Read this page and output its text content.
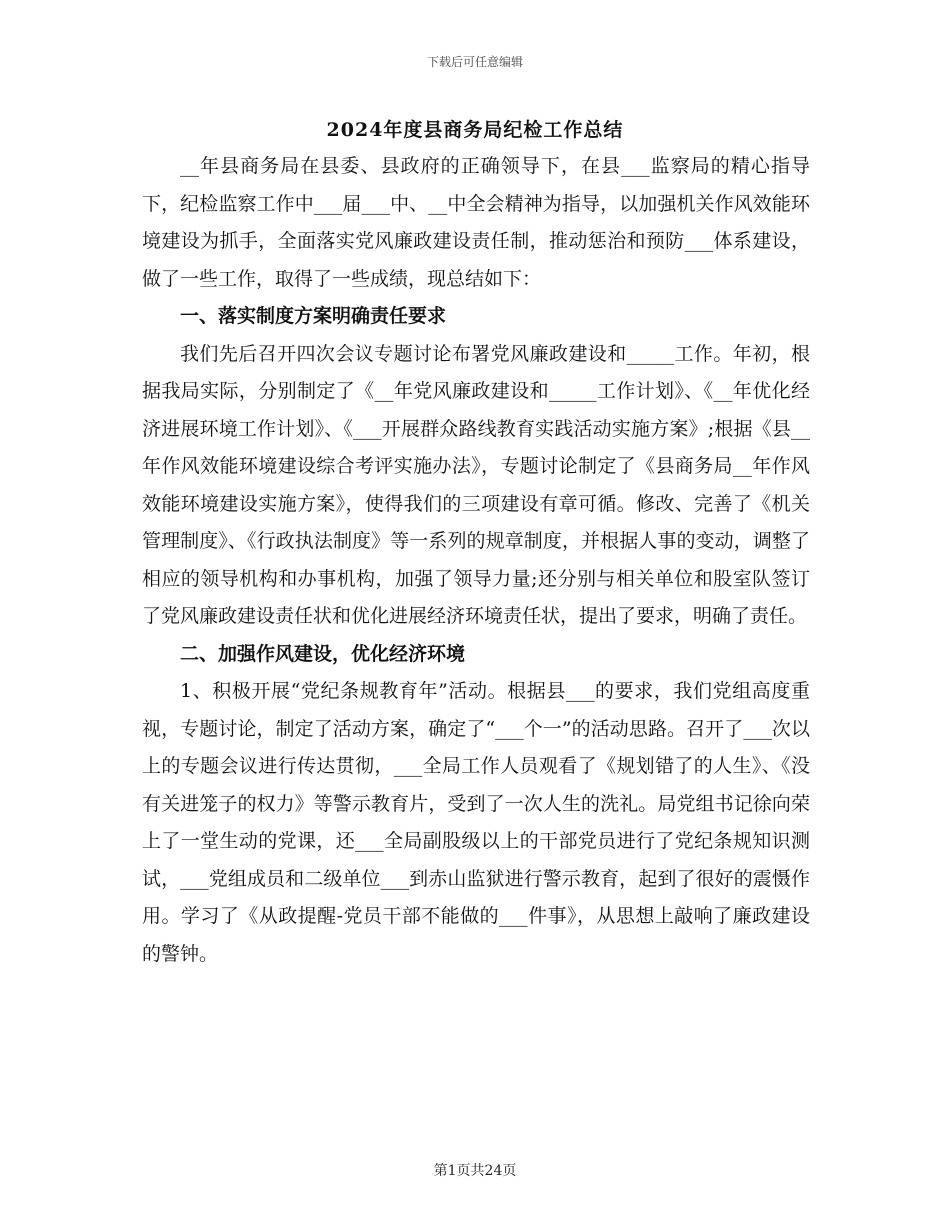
下载后可任意编辑
2024年度县商务局纪检工作总结

__年县商务局在县委、县政府的正确领导下，在县___监察局的精心指导下，纪检监察工作中___届___中、__中全会精神为指导，以加强机关作风效能环境建设为抓手，全面落实党风廉政建设责任制，推动惩治和预防___体系建设，做了一些工作，取得了一些成绩，现总结如下：

一、落实制度方案明确责任要求

我们先后召开四次会议专题讨论布署党风廉政建设和_____工作。年初，根据我局实际，分别制定了《__年党风廉政建设和_____工作计划》、《__年优化经济进展环境工作计划》、《___开展群众路线教育实践活动实施方案》;根据《县__年作风效能环境建设综合考评实施办法》，专题讨论制定了《县商务局__年作风效能环境建设实施方案》，使得我们的三项建设有章可循。修改、完善了《机关管理制度》、《行政执法制度》等一系列的规章制度，并根据人事的变动，调整了相应的领导机构和办事机构，加强了领导力量;还分别与相关单位和股室队签订了党风廉政建设责任状和优化进展经济环境责任状，提出了要求，明确了责任。

二、加强作风建设，优化经济环境

1、积极开展“党纪条规教育年”活动。根据县___的要求，我们党组高度重视，专题讨论，制定了活动方案，确定了“___个一”的活动思路。召开了___次以上的专题会议进行传达贯彻，___全局工作人员观看了《规划错了的人生》、《没有关进笼子的权力》等警示教育片，受到了一次人生的洗礼。局党组书记徐向荣上了一堂生动的党课，还___全局副股级以上的干部党员进行了党纪条规知识测试，___党组成员和二级单位___到赤山监狱进行警示教育，起到了很好的震慑作用。学习了《从政提醒-党员干部不能做的___件事》，从思想上敲响了廉政建设的警钟。

第1页共24页
